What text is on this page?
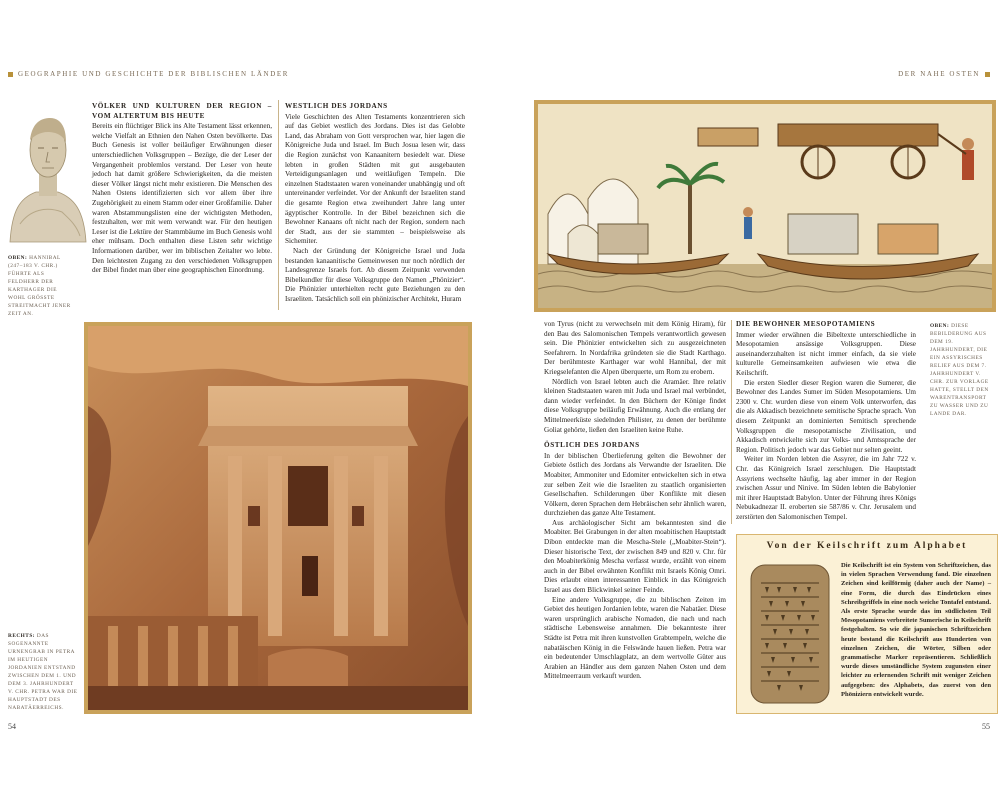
GEOGRAPHIE UND GESCHICHTE DER BIBLISCHEN LÄNDER
OBEN: HANNIBAL (247–183 V. CHR.) FÜHRTE ALS FELDHERR DER KARTHAGER DIE WOHL GRÖSSTE STREITMACHT JENER ZEIT AN.
VÖLKER UND KULTUREN DER REGION – VOM ALTERTUM BIS HEUTE

Bereits ein flüchtiger Blick ins Alte Testament lässt erkennen, welche Vielfalt an Ethnien den Nahen Osten bevölkerte. Das Buch Genesis ist voller beiläufiger Erwähnungen dieser unterschiedlichen Volksgruppen – Bezüge, die der Leser der Vergangenheit problemlos verstand. Der Leser von heute jedoch hat damit größere Schwierigkeiten, da die meisten dieser Völker längst nicht mehr existieren. Die Menschen des Nahen Ostens identifizierten sich vor allem über ihre Zugehörigkeit zu einem Stamm oder einer Großfamilie. Daher waren Abstammungslisten eine der wichtigsten Methoden, festzuhalten, wer mit wem verwandt war. Für den heutigen Leser ist die Lektüre der Stammbäume im Buch Genesis wohl eher mühsam. Doch enthalten diese Listen sehr wichtige Informationen darüber, wer im biblischen Zeitalter wo lebte. Den leichtesten Zugang zu den verschiedenen Volksgruppen der Bibel findet man über eine geographischen Einordnung.

WESTLICH DES JORDANS

Viele Geschichten des Alten Testaments konzentrieren sich auf das Gebiet westlich des Jordans. Dies ist das Gelobte Land, das Abraham von Gott versprochen war, hier lagen die Königreiche Juda und Israel. Im Buch Josua lesen wir, dass die Region zunächst von Kanaanitern besiedelt war. Diese lebten in großen Städten mit gut ausgebauten Verteidigungsanlagen und weitläufigen Tempeln. Die einzelnen Stadtstaaten waren voneinander unabhängig und oft untereinander verfeindet. Vor der Ankunft der Israeliten stand die gesamte Region etwa zweihundert Jahre lang unter ägyptischer Kontrolle. In der Bibel bezeichnen sich die Bewohner Kanaans oft nicht nach der Region, sondern nach der Stadt, aus der sie stammten – beispielsweise als Sichemiter.

Nach der Gründung der Königreiche Israel und Juda bestanden kanaanitische Gemeinwesen nur noch nördlich der Landesgrenze Israels fort. Ab diesem Zeitpunkt verwenden Bibelkundler für diese Volksgruppe den Namen „Phönizier“. Die Phönizier unterhielten recht gute Beziehungen zu den Israeliten. Tatsächlich soll ein phönizischer Architekt, Huram

RECHTS: DAS SOGENANNTE URNENGRAB IN PETRA IM HEUTIGEN JORDANIEN ENTSTAND ZWISCHEN DEM 1. UND DEM 3. JAHRHUNDERT V. CHR. PETRA WAR DIE HAUPTSTADT DES NABATÄERREICHS.
54
DER NAHE OSTEN
OBEN: DIESE BEBILDERUNG AUS DEM 19. JAHRHUNDERT, DIE EIN ASSYRISCHES RELIEF AUS DEM 7. JAHRHUNDERT V. CHR. ZUR VORLAGE HATTE, STELLT DEN WARENTRANSPORT ZU WASSER UND ZU LANDE DAR.

von Tyrus (nicht zu verwechseln mit dem König Hiram), für den Bau des Salomonischen Tempels verantwortlich gewesen sein. Die Phönizier entwickelten sich zu ausgezeichneten Seefahrern. In Nordafrika gründeten sie die Stadt Karthago. Der berühmteste Karthager war wohl Hannibal, der mit Kriegselefanten die Alpen überquerte, um Rom zu erobern.

Nördlich von Israel lebten auch die Aramäer. Ihre relativ kleinen Stadtstaaten waren mit Juda und Israel mal verbündet, dann wieder verfeindet. In den Büchern der Könige findet diese Volksgruppe beiläufig Erwähnung. Auch die entlang der Mittelmeerküste siedelnden Philister, zu denen der berühmte Goliat gehörte, ließen den Israeliten keine Ruhe.

ÖSTLICH DES JORDANS

In der biblischen Überlieferung gelten die Bewohner der Gebiete östlich des Jordans als Verwandte der Israeliten. Die Moabiter, Ammoniter und Edomiter entwickelten sich in etwa zur selben Zeit wie die Israeliten zu staatlich organisierten Gesellschaften. Schilderungen über Konflikte mit diesen Völkern, deren Sprachen dem Hebräischen sehr ähnlich waren, durchziehen das ganze Alte Testament.

Aus archäologischer Sicht am bekanntesten sind die Moabiter. Bei Grabungen in der alten moabitischen Hauptstadt Dibon entdeckte man die Mescha-Stele („Moabiter-Stein“). Dieser historische Text, der zwischen 849 und 820 v. Chr. für den Moabiterkönig Mescha verfasst wurde, erzählt von einem auch in der Bibel erwähnten Konflikt mit Israels König Omri. Dies erlaubt einen interessanten Einblick in das Königreich Israel aus dem Blickwinkel seiner Feinde.

Eine andere Volksgruppe, die zu biblischen Zeiten im Gebiet des heutigen Jordanien lebte, waren die Nabatäer. Diese waren ursprünglich arabische Nomaden, die nach und nach städtische Lebensweise annahmen. Die bekannteste ihrer Städte ist Petra mit ihren kunstvollen Grabtempeln, welche die nabatäischen König in die Felswände hauen ließen. Petra war ein bedeutender Umschlagplatz, an dem wertvolle Güter aus Arabien an Händler aus dem ganzen Nahen Osten und dem Mittelmeerraum verkauft wurden.

DIE BEWOHNER MESOPOTAMIENS

Immer wieder erwähnen die Bibeltexte unterschiedliche in Mesopotamien ansässige Volksgruppen. Diese auseinanderzuhalten ist nicht immer einfach, da sie viele kulturelle Gemeinsamkeiten aufwiesen wie etwa die Keilschrift.

Die ersten Siedler dieser Region waren die Sumerer, die Bewohner des Landes Sumer im Süden Mesopotamiens. Um 2300 v. Chr. wurden diese von einem Volk unterworfen, das die als Akkadisch bezeichnete semitische Sprache sprach. Von diesem Zeitpunkt an dominierten Semitisch sprechende Volksgruppen die mesopotamische Zivilisation, und Akkadisch entwickelte sich zur Volks- und Amtssprache der Region. Politisch jedoch war das Gebiet nur selten geeint.

Weiter im Norden lebten die Assyrer, die im Jahr 722 v. Chr. das Königreich Israel zerschlugen. Die Hauptstadt Assyriens wechselte häufig, lag aber immer in der Region zwischen Assur und Ninive. Im Süden lebten die Babylonier mit ihrer Hauptstadt Babylon. Unter der Führung ihres Königs Nebukadnezar II. eroberten sie 587/86 v. Chr. Jerusalem und zerstörten den Salomonischen Tempel.

Von der Keilschrift zum Alphabet
Die Keilschrift ist ein System von Schriftzeichen, das in vielen Sprachen Verwendung fand. Die einzelnen Zeichen sind keilförmig (daher auch der Name) – eine Form, die durch das Eindrücken eines Schreibgriffels in eine noch weiche Tontafel entstand. Als erste Sprache wurde das im südlichsten Teil Mesopotamiens verbreitete Sumerische in Keilschrift festgehalten. So wie die japanischen Schriftzeichen heute bestand die Keilschrift aus Hunderten von einzelnen Zeichen, die Wörter, Silben oder grammatische Marker repräsentieren. Schließlich wurde dieses umständliche System zugunsten einer leichter zu erlernenden Schrift mit weniger Zeichen aufgegeben: des Alphabets, das zuerst von den Phöniziern entwickelt wurde.
55
